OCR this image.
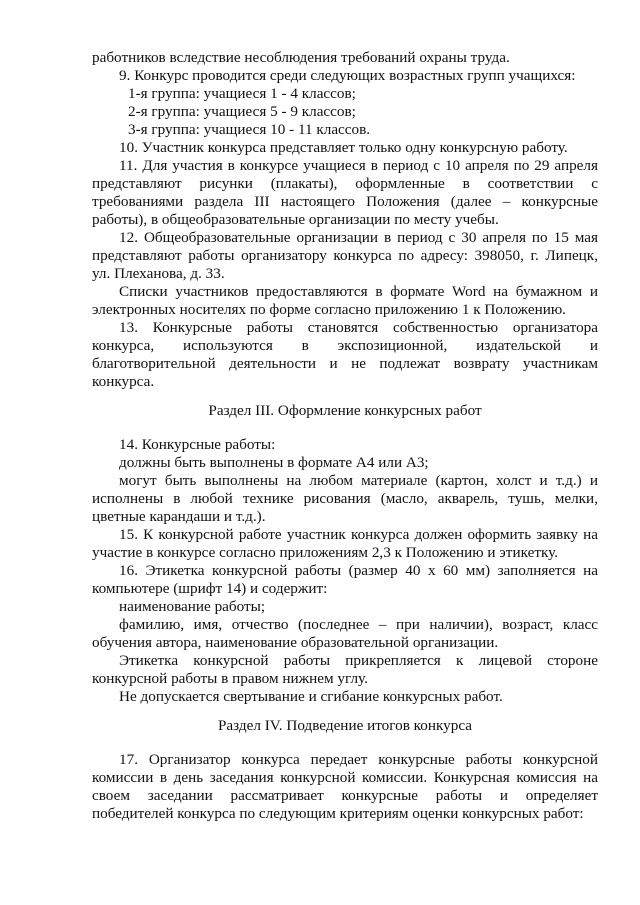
работников вследствие несоблюдения требований охраны труда.
9. Конкурс проводится среди следующих возрастных групп учащихся:
1-я группа: учащиеся 1 - 4 классов;
2-я группа: учащиеся 5 - 9 классов;
3-я группа: учащиеся 10 - 11 классов.
10. Участник конкурса представляет только одну конкурсную работу.
11. Для участия в конкурсе учащиеся в период с 10 апреля по 29 апреля
представляют рисунки (плакаты), оформленные в соответствии с
требованиями раздела III настоящего Положения (далее – конкурсные
работы), в общеобразовательные организации по месту учебы.
12. Общеобразовательные организации в период с 30 апреля по 15 мая
представляют работы организатору конкурса по адресу: 398050, г. Липецк,
ул. Плеханова, д. 33.
Списки участников предоставляются в формате Word на бумажном и
электронных носителях по форме согласно приложению 1 к Положению.
13. Конкурсные работы становятся собственностью организатора
конкурса, используются в экспозиционной, издательской и
благотворительной деятельности и не подлежат возврату участникам
конкурса.
Раздел III. Оформление конкурсных работ
14. Конкурсные работы:
должны быть выполнены в формате А4 или А3;
могут быть выполнены на любом материале (картон, холст и т.д.) и
исполнены в любой технике рисования (масло, акварель, тушь, мелки,
цветные карандаши и т.д.).
15. К конкурсной работе участник конкурса должен оформить заявку на
участие в конкурсе согласно приложениям 2,3 к Положению и этикетку.
16. Этикетка конкурсной работы (размер 40 х 60 мм) заполняется на
компьютере (шрифт 14) и содержит:
наименование работы;
фамилию, имя, отчество (последнее – при наличии), возраст, класс
обучения автора, наименование образовательной организации.
Этикетка конкурсной работы прикрепляется к лицевой стороне
конкурсной работы в правом нижнем углу.
Не допускается свертывание и сгибание конкурсных работ.
Раздел IV. Подведение итогов конкурса
17. Организатор конкурса передает конкурсные работы конкурсной
комиссии в день заседания конкурсной комиссии. Конкурсная комиссия на
своем заседании рассматривает конкурсные работы и определяет
победителей конкурса по следующим критериям оценки конкурсных работ:
